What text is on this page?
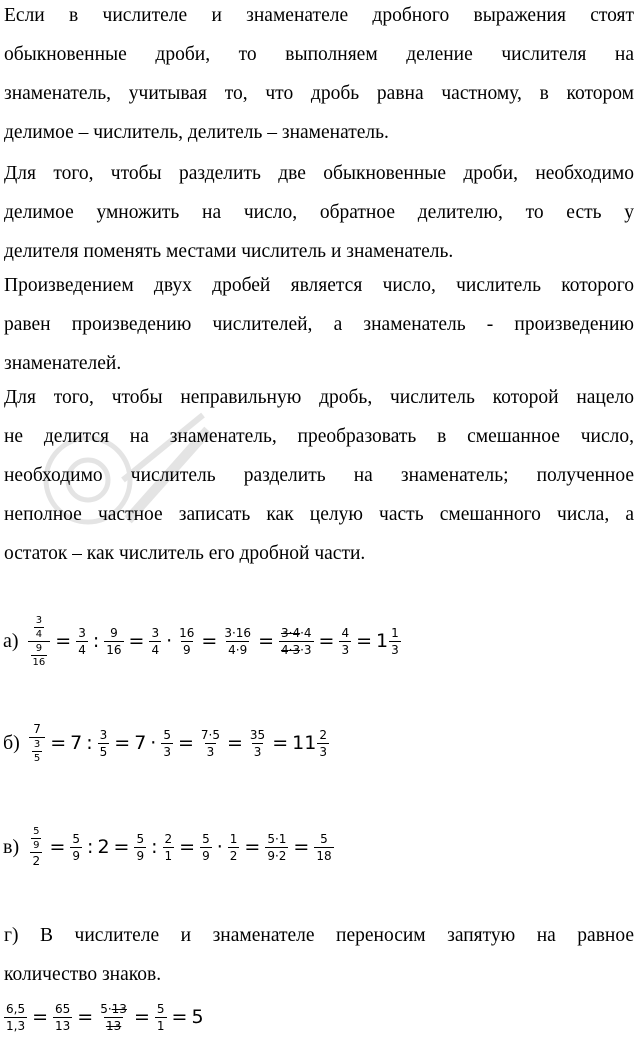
Если в числителе и знаменателе дробного выражения стоят
обыкновенные дроби, то выполняем деление числителя на
знаменатель, учитывая то, что дробь равна частному, в котором
делимое – числитель, делитель – знаменатель.
Для того, чтобы разделить две обыкновенные дроби, необходимо
делимое умножить на число, обратное делителю, то есть у
делителя поменять местами числитель и знаменатель.
Произведением двух дробей является число, числитель которого
равен произведению числителей, а знаменатель - произведению
знаменателей.
Для того, чтобы неправильную дробь, числитель которой нацело
не делится на знаменатель, преобразовать в смешанное число,
необходимо числитель разделить на знаменатель; полученное
неполное частное записать как целую часть смешанного числа, а
остаток – как числитель его дробной части.
$а) \frac{\frac{3}{4}}{\frac{9}{16}} = \frac{3}{4}$ : $\frac{9}{16} = \frac{3}{4} \cdot \frac{16}{9} = \frac{3\cdot 16}{4\cdot 9} = \frac{3\cdot 4\cdot 4}{4\cdot 3\cdot 3} = \frac{4}{3} = 1 \frac{1}{3}$
$б) \frac{7}{\frac{3}{5}} = 7$ : $\frac{3}{5} = 7 \cdot \frac{5}{3} = \frac{7\cdot 5}{3} = \frac{35}{3} = 11 \frac{2}{3}$
$в) \frac{\frac{5}{9}}{2} = \frac{5}{9}$ : $2 = \frac{5}{9}$ : $\frac{2}{1} = \frac{5}{9} \cdot \frac{1}{2} = \frac{5\cdot 1}{9\cdot 2} = \frac{5}{18}$
г) В числителе и знаменателе переносим запятую на равное
количество знаков.
$\frac{6,5}{1,3} = \frac{65}{13} = \frac{5\cdot 13}{13} = \frac{5}{1} = 5$
